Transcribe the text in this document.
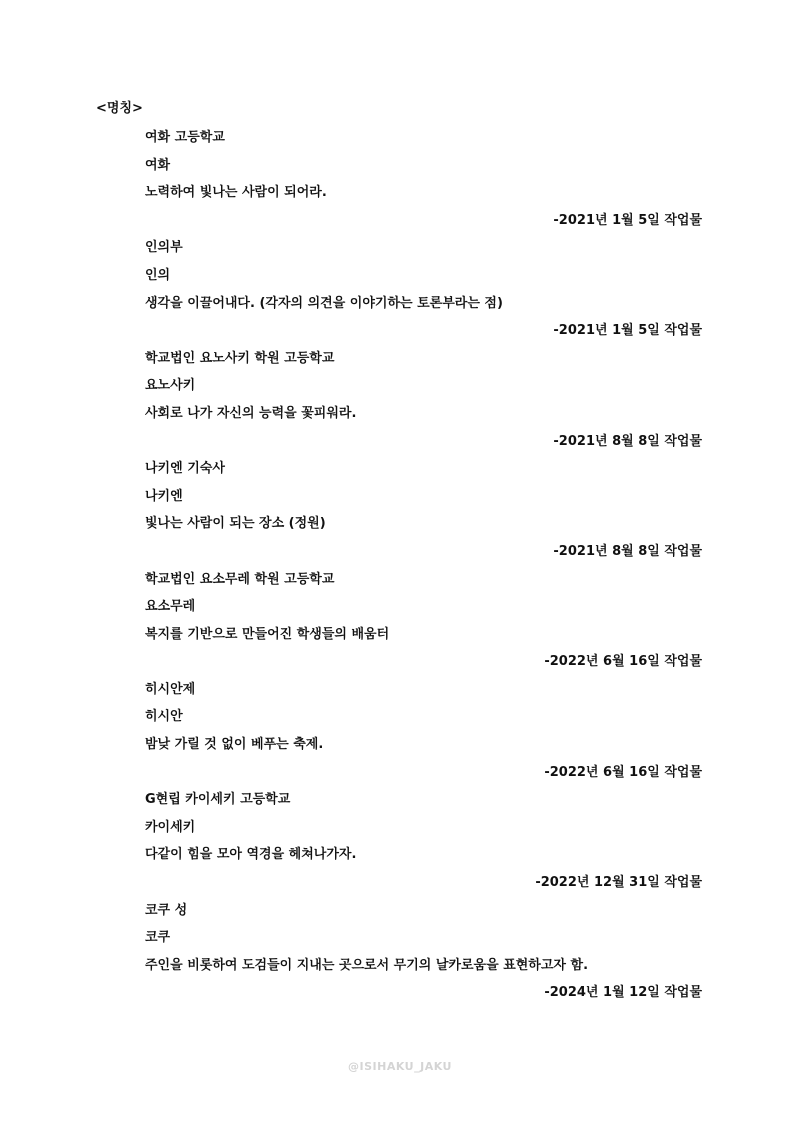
<명칭>
여화 고등학교
여화
노력하여 빛나는 사람이 되어라.
-2021년 1월 5일 작업물
인의부
인의
생각을 이끌어내다. (각자의 의견을 이야기하는 토론부라는 점)
-2021년 1월 5일 작업물
학교법인 요노사키 학원 고등학교
요노사키
사회로 나가 자신의 능력을 꽃피워라.
-2021년 8월 8일 작업물
나키엔 기숙사
나키엔
빛나는 사람이 되는 장소 (정원)
-2021년 8월 8일 작업물
학교법인 요소무레 학원 고등학교
요소무레
복지를 기반으로 만들어진 학생들의 배움터
-2022년 6월 16일 작업물
히시안제
히시안
밤낮 가릴 것 없이 베푸는 축제.
-2022년 6월 16일 작업물
G현립 카이세키 고등학교
카이세키
다같이 힘을 모아 역경을 헤쳐나가자.
-2022년 12월 31일 작업물
코쿠 성
코쿠
주인을 비롯하여 도검들이 지내는 곳으로서 무기의 날카로움을 표현하고자 함.
-2024년 1월 12일 작업물
@ISIHAKU_JAKU
